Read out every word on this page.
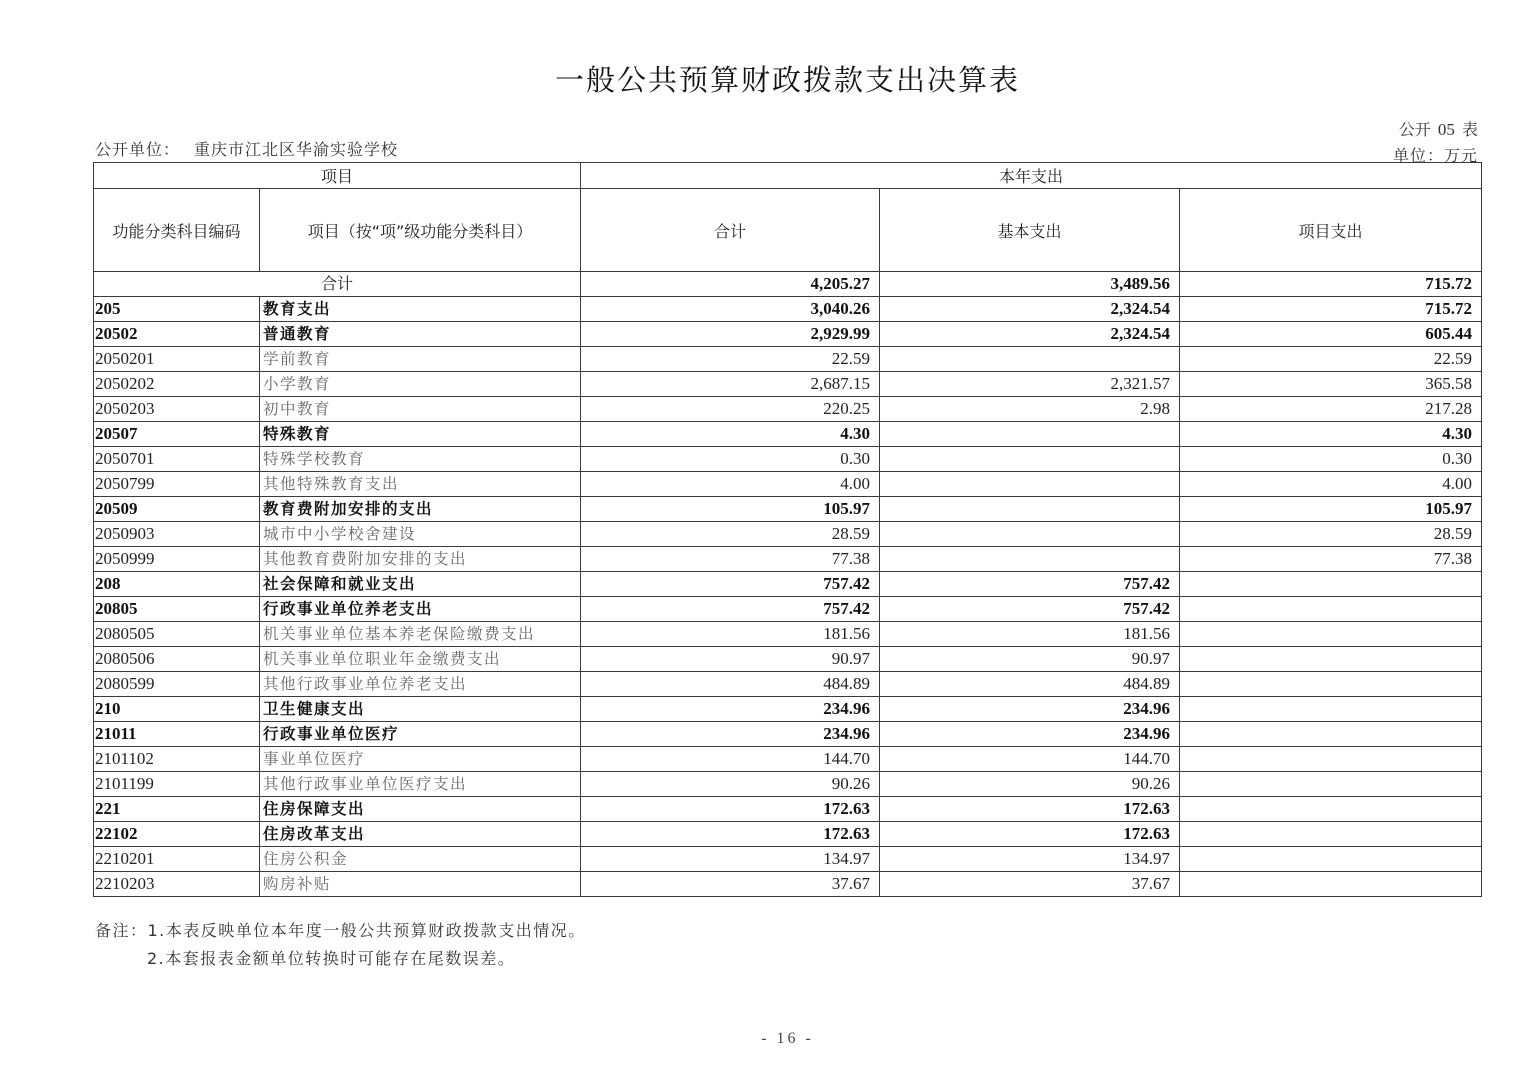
一般公共预算财政拨款支出决算表
公开单位： 重庆市江北区华渝实验学校
公开 05 表
单位：万元
项目		本年支出		
功能分类科目编码	项目（按“项”级功能分类科目）	合计	基本支出	项目支出
合计		4,205.27	3,489.56	715.72
205	教育支出	3,040.26	2,324.54	715.72
20502	普通教育	2,929.99	2,324.54	605.44
2050201	学前教育	22.59		22.59
2050202	小学教育	2,687.15	2,321.57	365.58
2050203	初中教育	220.25	2.98	217.28
20507	特殊教育	4.30		4.30
2050701	特殊学校教育	0.30		0.30
2050799	其他特殊教育支出	4.00		4.00
20509	教育费附加安排的支出	105.97		105.97
2050903	城市中小学校舍建设	28.59		28.59
2050999	其他教育费附加安排的支出	77.38		77.38
208	社会保障和就业支出	757.42	757.42	
20805	行政事业单位养老支出	757.42	757.42	
2080505	机关事业单位基本养老保险缴费支出	181.56	181.56	
2080506	机关事业单位职业年金缴费支出	90.97	90.97	
2080599	其他行政事业单位养老支出	484.89	484.89	
210	卫生健康支出	234.96	234.96	
21011	行政事业单位医疗	234.96	234.96	
2101102	事业单位医疗	144.70	144.70	
2101199	其他行政事业单位医疗支出	90.26	90.26	
221	住房保障支出	172.63	172.63	
22102	住房改革支出	172.63	172.63	
2210201	住房公积金	134.97	134.97	
2210203	购房补贴	37.67	37.67	
备注：1.本表反映单位本年度一般公共预算财政拨款支出情况。
2.本套报表金额单位转换时可能存在尾数误差。
- 16 -
